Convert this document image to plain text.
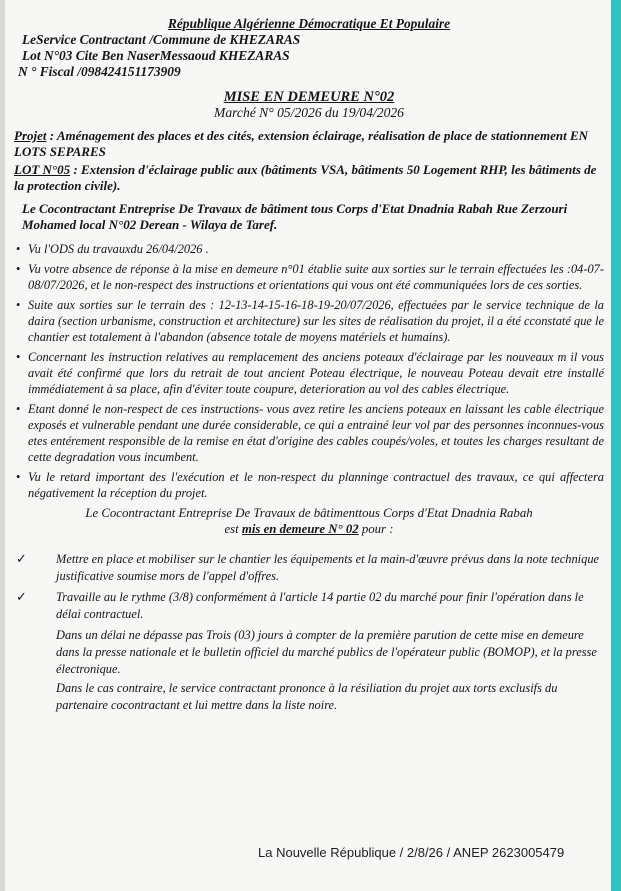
République Algérienne Démocratique Et Populaire
LeService Contractant /Commune de KHEZARAS
Lot N°03 Cite Ben NaserMessaoud KHEZARAS
N ° Fiscal /098424151173909
MISE EN DEMEURE N°02
Marché N° 05/2026 du 19/04/2026
Projet : Aménagement des places et des cités, extension éclairage, réalisation de place de stationnement EN LOTS SEPARES
LOT N°05 : Extension d'éclairage public aux (bâtiments VSA, bâtiments 50 Logement RHP, les bâtiments de la protection civile).
Le Cocontractant Entreprise De Travaux de bâtiment tous Corps d'Etat Dnadnia Rabah Rue Zerzouri Mohamed local N°02 Derean - Wilaya de Taref.
• Vu l'ODS du travauxdu 26/04/2026 .
• Vu votre absence de réponse à la mise en demeure n°01 établie suite aux sorties sur le terrain effectuées les :04-07-08/07/2026, et le non-respect des instructions et orientations qui vous ont été communiquées lors de ces sorties.
• Suite aux sorties sur le terrain des : 12-13-14-15-16-18-19-20/07/2026, effectuées par le service technique de la daira (section urbanisme, construction et architecture) sur les sites de réalisation du projet, il a été cconstaté que le chantier est totalement à l'abandon (absence totale de moyens matériels et humains).
• Concernant les instruction relatives au remplacement des anciens poteaux d'éclairage par les nouveaux m il vous avait été confirmé que lors du retrait de tout ancient Poteau électrique, le nouveau Poteau devait etre installé immédiatement à sa place, afin d'éviter toute coupure, deterioration au vol des cables électrique.
• Etant donné le non-respect de ces instructions- vous avez retire les anciens poteaux en laissant les cable électrique exposés et vulnerable pendant une durée considerable, ce qui a entrainé leur vol par des personnes inconnues-vous etes entérement responsible de la remise en état d'origine des cables coupés/voles, et toutes les charges resultant de cette degradation vous incumbent.
• Vu le retard important des l'exécution et le non-respect du planninge contractuel des travaux, ce qui affectera négativement la réception du projet.
Le Cocontractant Entreprise De Travaux de bâtimenttous Corps d'Etat Dnadnia Rabah
est mis en demeure N° 02 pour :
✓ Mettre en place et mobiliser sur le chantier les équipements et la main-d'œuvre prévus dans la note technique justificative soumise mors de l'appel d'offres.
✓ Travaille au le rythme (3/8) conformément à l'article 14 partie 02 du marché pour finir l'opération dans le délai contractuel.
Dans un délai ne dépasse pas Trois (03) jours à compter de la première parution de cette mise en demeure dans la presse nationale et le bulletin officiel du marché publics de l'opérateur public (BOMOP), et la presse électronique.
Dans le cas contraire, le service contractant prononce à la résiliation du projet aux torts exclusifs du partenaire cocontractant et lui mettre dans la liste noire.
La Nouvelle République / 2/8/26 / ANEP 2623005479
